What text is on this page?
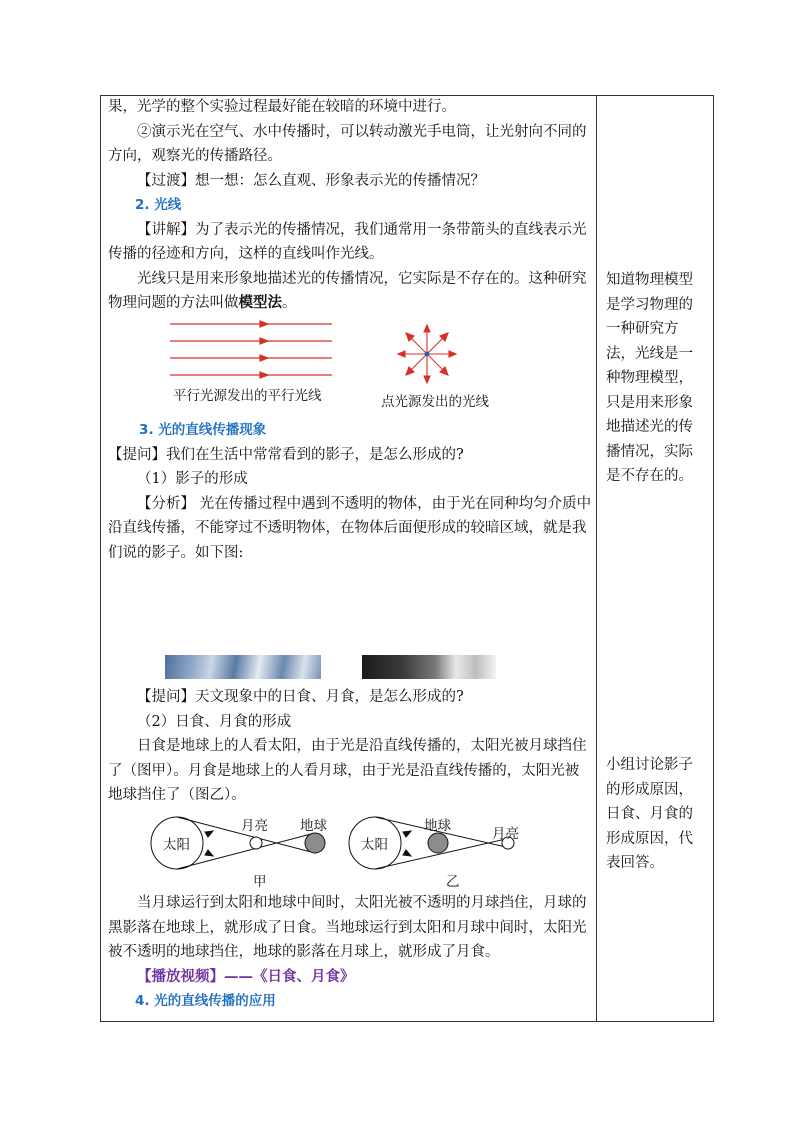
果，光学的整个实验过程最好能在较暗的环境中进行。

②演示光在空气、水中传播时，可以转动激光手电筒，让光射向不同的方向，观察光的传播路径。

【过渡】想一想：怎么直观、形象表示光的传播情况？

2. 光线

【讲解】为了表示光的传播情况，我们通常用一条带箭头的直线表示光传播的径迹和方向，这样的直线叫作光线。

光线只是用来形象地描述光的传播情况，它实际是不存在的。这种研究物理问题的方法叫做模型法。

平行光源发出的平行光线	点光源发出的光线

3. 光的直线传播现象

【提问】我们在生活中常常看到的影子，是怎么形成的?

（1）影子的形成

【分析】 光在传播过程中遇到不透明的物体，由于光在同种均匀介质中沿直线传播，不能穿过不透明物体，在物体后面便形成的较暗区域，就是我们说的影子。如下图:

【提问】天文现象中的日食、月食，是怎么形成的?

（2）日食、月食的形成

日食是地球上的人看太阳，由于光是沿直线传播的，太阳光被月球挡住了（图甲）。月食是地球上的人看月球，由于光是沿直线传播的，太阳光被地球挡住了（图乙）。

太阳
月亮 地球
太阳
地球	月亮
甲	乙

当月球运行到太阳和地球中间时，太阳光被不透明的月球挡住，月球的黑影落在地球上，就形成了日食。当地球运行到太阳和月球中间时，太阳光被不透明的地球挡住，地球的影落在月球上，就形成了月食。

【播放视频】——《日食、月食》

4. 光的直线传播的应用

知道物理模型是学习物理的一种研究方法，光线是一种物理模型，只是用来形象地描述光的传播情况，实际是不存在的。
小组讨论影子的形成原因，日食、月食的形成原因，代表回答。
